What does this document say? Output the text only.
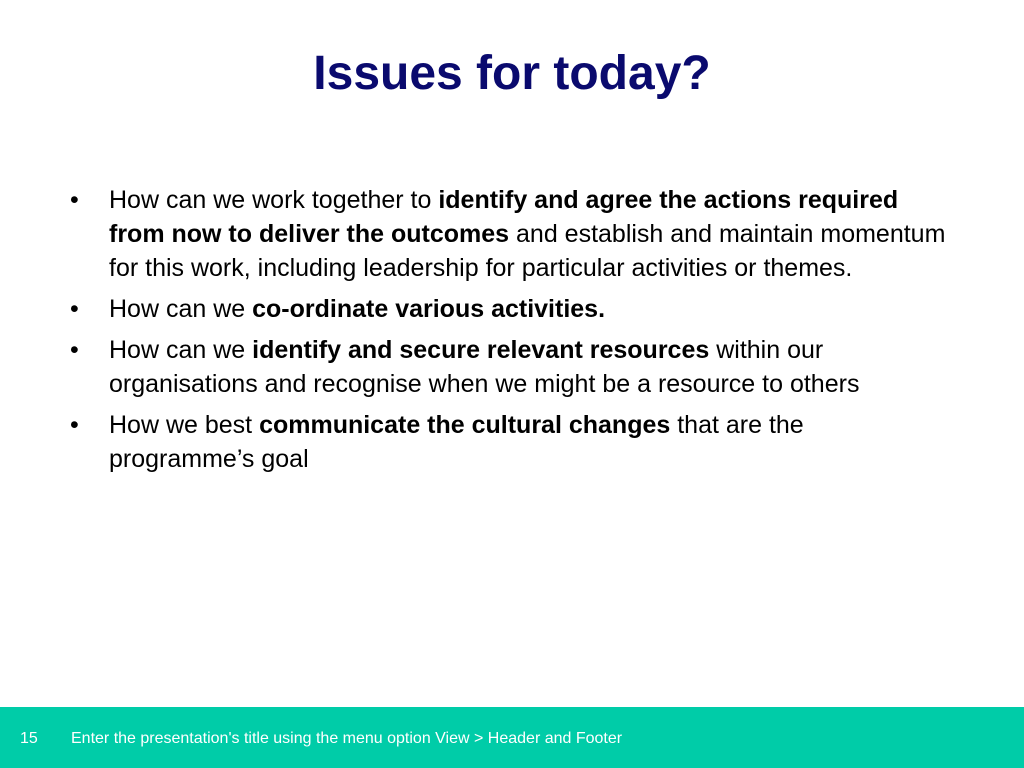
Issues for today?
• How can we work together to identify and agree the actions required from now to deliver the outcomes and establish and maintain momentum for this work, including leadership for particular activities or themes.
• How can we co-ordinate various activities.
• How can we identify and secure relevant resources within our organisations and recognise when we might be a resource to others
• How we best communicate the cultural changes that are the programme’s goal
15 Enter the presentation's title using the menu option View > Header and Footer
